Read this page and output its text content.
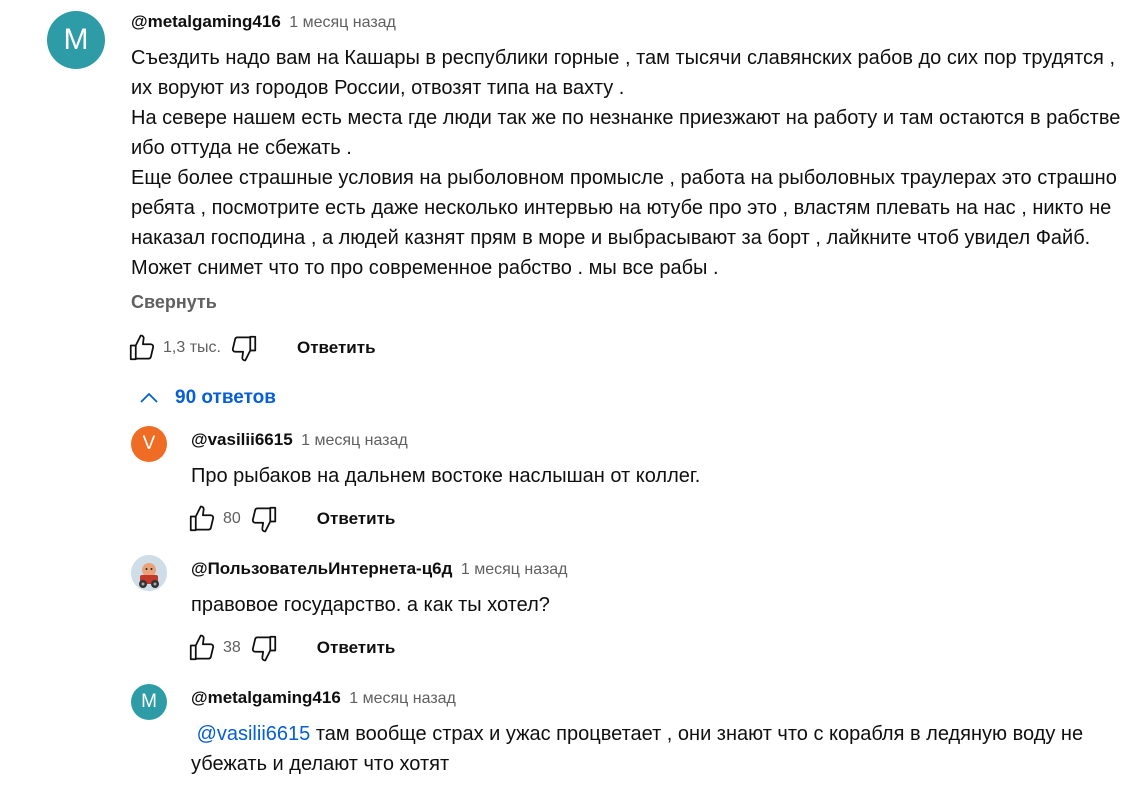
M
@metalgaming416 1 месяц назад

Съездить надо вам на Кашары в республики горные , там тысячи славянских рабов до сих пор трудятся , их воруют из городов России, отвозят типа на вахту .

На севере нашем есть места где люди так же по незнанке приезжают на работу и там остаются в рабстве ибо оттуда не сбежать .

Еще более страшные условия на рыболовном промысле , работа на рыболовных траулерах это страшно ребята , посмотрите есть даже несколько интервью на ютубе про это , властям плевать на нас , никто не наказал господина , а людей казнят прям в море и выбрасывают за борт , лайкните чтоб увидел Файб. Может снимет что то про современное рабство . мы все рабы .

Свернуть
1,3 тыс.	Ответить
90 ответов
V	@vasilii6615 1 месяц назад
Про рыбаков на дальнем востоке наслышан от коллег.
80	Ответить
@ПользовательИнтернета-ц6д 1 месяц назад
правовое государство. а как ты хотел?
38	Ответить
M	@metalgaming416 1 месяц назад
@vasilii6615 там вообще страх и ужас процветает , они знают что с корабля в ледяную воду не убежать и делают что хотят
